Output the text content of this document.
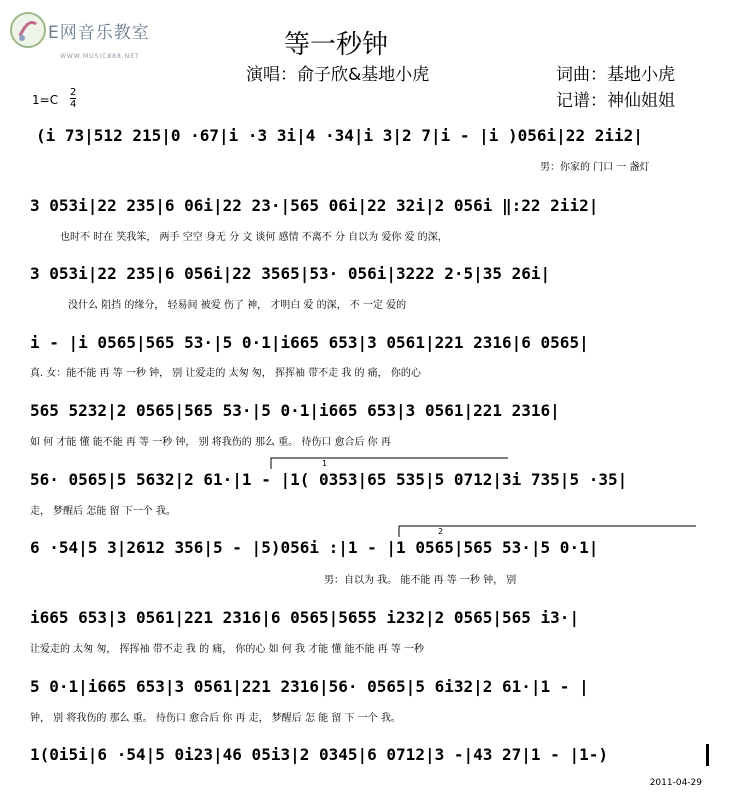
E网音乐教室
WWW.MUSIC888.NET	等一秒钟
演唱：俞子欣&基地小虎	词曲：基地小虎
记谱：神仙姐姐
1=C
2
4
(i 73|512 215|0 ·67|i ·3 3i|4 ·34|i 3|2 7|i - |i )056i|22 2ii2|
男：你家的 门口 一 盏灯
3 053i|22 235|6 06i|22 23·|565 06i|22 32i|2 056i ‖:22 2ii2|
也时不 时在 笑我笨， 两手 空空 身无 分 文 谈何 感情 不离不 分 自以为 爱你 爱 的深，
3 053i|22 235|6 056i|22 3565|53· 056i|3222 2·5|35 26i|
没什么 阻挡 的缘分， 轻易间 被爱 伤了 神， 才明白 爱 的深， 不 一定 爱的
i - |i 0565|565 53·|5 0·1|i665 653|3 0561|221 2316|6 0565|
真. 女：能不能 再 等 一秒 钟， 别 让爱走的 太匆 匆， 挥挥袖 带不走 我 的 痛， 你的心
565 5232|2 0565|565 53·|5 0·1|i665 653|3 0561|221 2316|
如 何 才能 懂 能不能 再 等 一秒 钟， 别 将我伤的 那么 重。 待伤口 愈合后 你 再
56· 0565|5 5632|2 61·|1 - |1( 0353|65 535|5 0712|3i 735|5 ·35|
走， 梦醒后 怎能 留 下一个 我。
6 ·54|5 3|2612 356|5 - |5)056i :|1 - |1 0565|565 53·|5 0·1|
男：自以为 我。 能不能 再 等 一秒 钟， 别
i665 653|3 0561|221 2316|6 0565|5655 i232|2 0565|565 i3·|
让爱走的 太匆 匆， 挥挥袖 带不走 我 的 痛， 你的心 如 何 我 才能 懂 能不能 再 等 一秒
5 0·1|i665 653|3 0561|221 2316|56· 0565|5 6i32|2 61·|1 - |
钟， 别 将我伤的 那么 重。 待伤口 愈合后 你 再 走， 梦醒后 怎 能 留 下 一个 我。
1(0i5i|6 ·54|5 0i23|46 05i3|2 0345|6 0712|3 -|43 27|1 - |1-)
1
2
2011-04-29
